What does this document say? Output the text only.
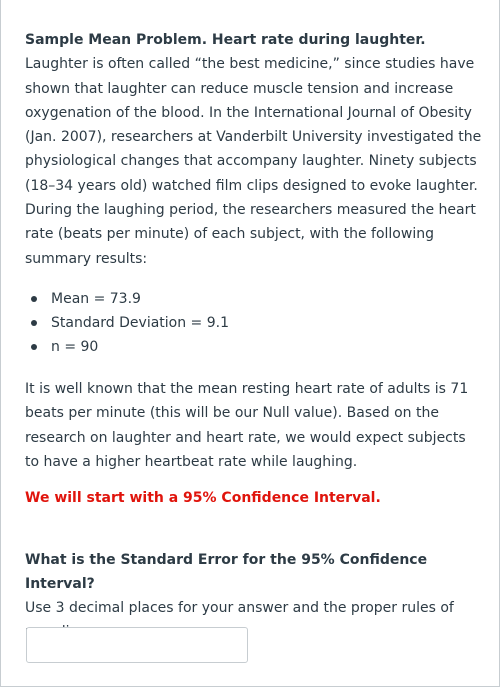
Sample Mean Problem. Heart rate during laughter. Laughter is often called “the best medicine,” since studies have shown that laughter can reduce muscle tension and increase oxygenation of the blood. In the International Journal of Obesity (Jan. 2007), researchers at Vanderbilt University investigated the physiological changes that accompany laughter. Ninety subjects (18–34 years old) watched film clips designed to evoke laughter. During the laughing period, the researchers measured the heart rate (beats per minute) of each subject, with the following summary results:

Mean = 73.9
Standard Deviation = 9.1
n = 90

It is well known that the mean resting heart rate of adults is 71 beats per minute (this will be our Null value). Based on the research on laughter and heart rate, we would expect subjects to have a higher heartbeat rate while laughing.

We will start with a 95% Confidence Interval.

What is the Standard Error for the 95% Confidence Interval?

Use 3 decimal places for your answer and the proper rules of
